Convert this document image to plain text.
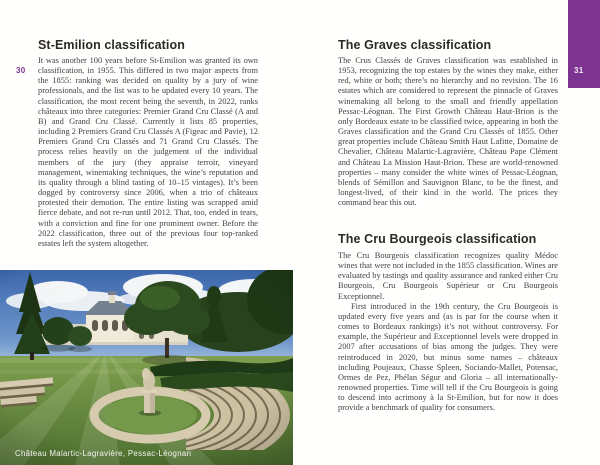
30
St-Emilion classification

It was another 100 years before St-Emilion was granted its own classification, in 1955. This differed in two major aspects from the 1855: ranking was decided on quality by a jury of wine professionals, and the list was to be updated every 10 years. The classification, the most recent being the seventh, in 2022, ranks châteaux into three categories: Premier Grand Cru Classé (A and B) and Grand Cru Classé. Currently it lists 85 properties, including 2 Premiers Grand Cru Classés A (Figeac and Pavie), 12 Premiers Grand Cru Classés and 71 Grand Cru Classés. The process relies heavily on the judgement of the individual members of the jury (they appraise terroir, vineyard management, winemaking techniques, the wine’s reputation and its quality through a blind tasting of 10–15 vintages). It’s been dogged by controversy since 2006, when a trio of châteaux protested their demotion. The entire listing was scrapped amid fierce debate, and not re-run until 2012. That, too, ended in tears, with a conviction and fine for one prominent owner. Before the 2022 classification, three out of the previous four top-ranked estates left the system altogether.

Château Malartic-Lagravière, Pessac-Léognan
31
The Graves classification

The Crus Classés de Graves classification was established in 1953, recognizing the top estates by the wines they make, either red, white or both; there’s no hierarchy and no revision. The 16 estates which are considered to represent the pinnacle of Graves winemaking all belong to the small and friendly appellation Pessac-Léognan. The First Growth Château Haut-Brion is the only Bordeaux estate to be classified twice, appearing in both the Graves classification and the Grand Cru Classés of 1855. Other great properties include Château Smith Haut Lafitte, Domaine de Chevalier, Château Malartic-Lagravière, Château Pape Clément and Château La Mission Haut-Brion. These are world-renowned properties – many consider the white wines of Pessac-Léognan, blends of Sémillon and Sauvignon Blanc, to be the finest, and longest-lived, of their kind in the world. The prices they command bear this out.

The Cru Bourgeois classification

The Cru Bourgeois classification recognizes quality Médoc wines that were not included in the 1855 classification. Wines are evaluated by tastings and quality assurance and ranked either Cru Bourgeois, Cru Bourgeois Supérieur or Cru Bourgeois Exceptionnel.

First introduced in the 19th century, the Cru Bourgeois is updated every five years and (as is par for the course when it comes to Bordeaux rankings) it’s not without controversy. For example, the Supérieur and Exceptionnel levels were dropped in 2007 after accusations of bias among the judges. They were reintroduced in 2020, but minus some names – châteaux including Poujeaux, Chasse Spleen, Sociando-Mallet, Potensac, Ormes de Pez, Phélan Ségur and Gloria – all internationally-renowned properties. Time will tell if the Cru Bourgeois is going to descend into acrimony à la St-Emilion, but for now it does provide a benchmark of quality for consumers.
